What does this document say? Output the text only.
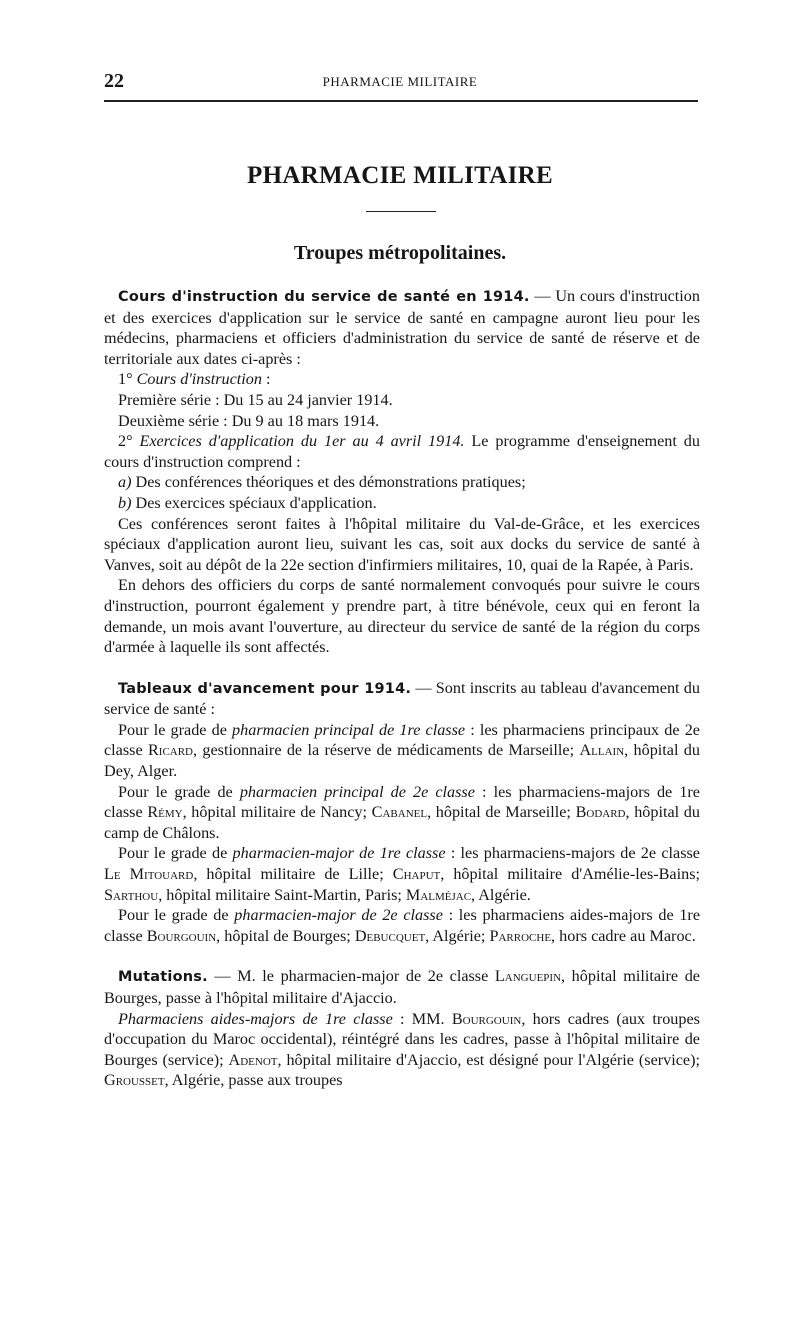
22	PHARMACIE MILITAIRE
PHARMACIE MILITAIRE
Troupes métropolitaines.

Cours d'instruction du service de santé en 1914. — Un cours d'instruction et des exercices d'application sur le service de santé en campagne auront lieu pour les médecins, pharmaciens et officiers d'administration du service de santé de réserve et de territoriale aux dates ci-après :

1° Cours d'instruction :

Première série : Du 15 au 24 janvier 1914.

Deuxième série : Du 9 au 18 mars 1914.

2° Exercices d'application du 1er au 4 avril 1914. Le programme d'enseignement du cours d'instruction comprend :

a) Des conférences théoriques et des démonstrations pratiques;

b) Des exercices spéciaux d'application.

Ces conférences seront faites à l'hôpital militaire du Val-de-Grâce, et les exercices spéciaux d'application auront lieu, suivant les cas, soit aux docks du service de santé à Vanves, soit au dépôt de la 22e section d'infirmiers militaires, 10, quai de la Rapée, à Paris.

En dehors des officiers du corps de santé normalement convoqués pour suivre le cours d'instruction, pourront également y prendre part, à titre bénévole, ceux qui en feront la demande, un mois avant l'ouverture, au directeur du service de santé de la région du corps d'armée à laquelle ils sont affectés.

Tableaux d'avancement pour 1914. — Sont inscrits au tableau d'avancement du service de santé :

Pour le grade de pharmacien principal de 1re classe : les pharmaciens principaux de 2e classe Ricard, gestionnaire de la réserve de médicaments de Marseille; Allain, hôpital du Dey, Alger.

Pour le grade de pharmacien principal de 2e classe : les pharmaciens-majors de 1re classe Rémy, hôpital militaire de Nancy; Cabanel, hôpital de Marseille; Bodard, hôpital du camp de Châlons.

Pour le grade de pharmacien-major de 1re classe : les pharmaciens-majors de 2e classe Le Mitouard, hôpital militaire de Lille; Chaput, hôpital militaire d'Amélie-les-Bains; Sarthou, hôpital militaire Saint-Martin, Paris; Malméjac, Algérie.

Pour le grade de pharmacien-major de 2e classe : les pharmaciens aides-majors de 1re classe Bourgouin, hôpital de Bourges; Debucquet, Algérie; Parroche, hors cadre au Maroc.

Mutations. — M. le pharmacien-major de 2e classe Languepin, hôpital militaire de Bourges, passe à l'hôpital militaire d'Ajaccio.

Pharmaciens aides-majors de 1re classe : MM. Bourgouin, hors cadres (aux troupes d'occupation du Maroc occidental), réintégré dans les cadres, passe à l'hôpital militaire de Bourges (service); Adenot, hôpital militaire d'Ajaccio, est désigné pour l'Algérie (service); Grousset, Algérie, passe aux troupes
